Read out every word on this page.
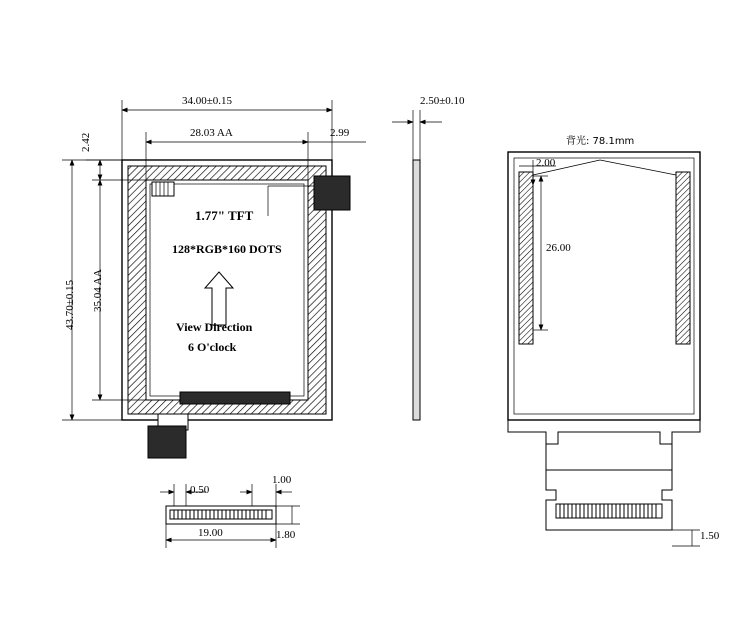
34.00±0.15
28.03 AA	2.99
43.70±0.15 35.04 AA
2.42
1.77" TFT
128*RGB*160 DOTS
View Direction
6 O'clock
0.50
1.00
19.00	1.80
2.50±0.10
背光: 78.1mm
2.00
26.00
1.50
